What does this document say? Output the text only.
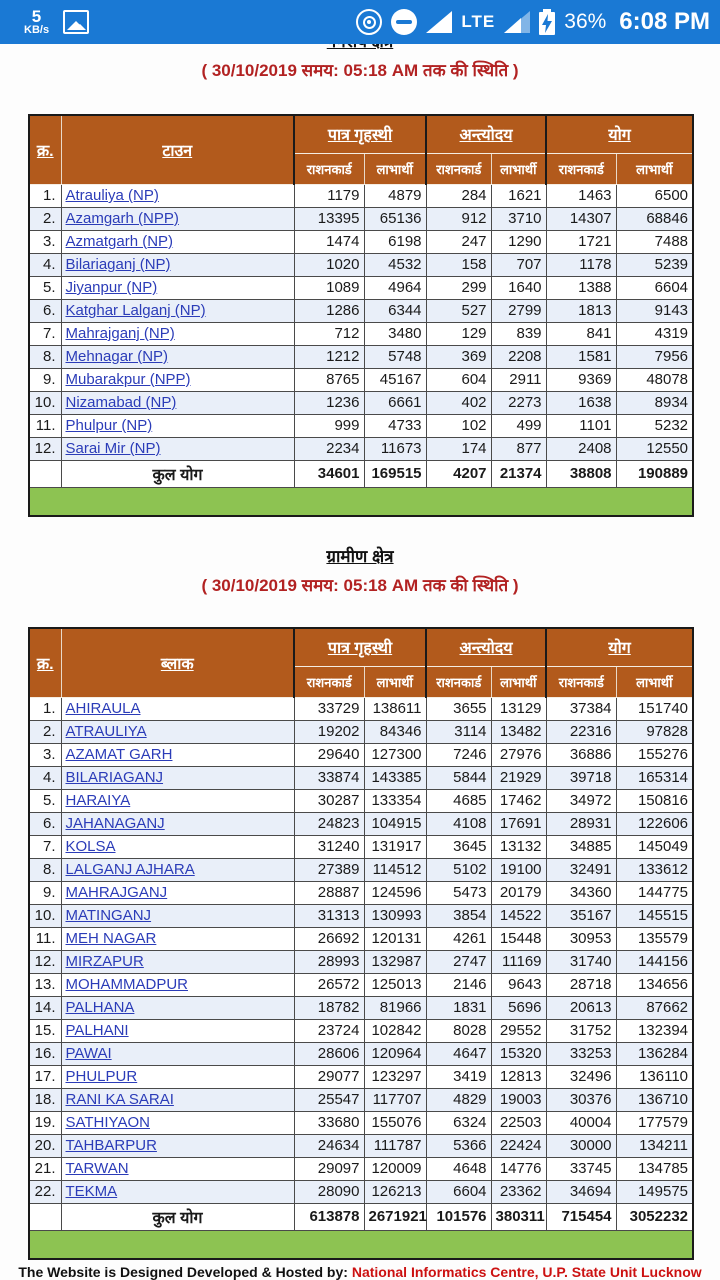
( 30/10/2019 समय: 05:18 AM तक की स्थिति )
क्र.	टाउन	पात्र गृहस्थी		अन्त्योदय		योग	
		राशनकार्ड	लाभार्थी	राशनकार्ड	लाभार्थी	राशनकार्ड	लाभार्थी
1.	Atrauliya (NP)	1179	4879	284	1621	1463	6500
2.	Azamgarh (NPP)	13395	65136	912	3710	14307	68846
3.	Azmatgarh (NP)	1474	6198	247	1290	1721	7488
4.	Bilariaganj (NP)	1020	4532	158	707	1178	5239
5.	Jiyanpur (NP)	1089	4964	299	1640	1388	6604
6.	Katghar Lalganj (NP)	1286	6344	527	2799	1813	9143
7.	Mahrajganj (NP)	712	3480	129	839	841	4319
8.	Mehnagar (NP)	1212	5748	369	2208	1581	7956
9.	Mubarakpur (NPP)	8765	45167	604	2911	9369	48078
10.	Nizamabad (NP)	1236	6661	402	2273	1638	8934
11.	Phulpur (NP)	999	4733	102	499	1101	5232
12.	Sarai Mir (NP)	2234	11673	174	877	2408	12550
	कुल योग	34601	169515	4207	21374	38808	190889

ग्रामीण क्षेत्र
( 30/10/2019 समय: 05:18 AM तक की स्थिति )
क्र.	ब्लाक	पात्र गृहस्थी		अन्त्योदय		योग	
		राशनकार्ड	लाभार्थी	राशनकार्ड	लाभार्थी	राशनकार्ड	लाभार्थी
1.	AHIRAULA	33729	138611	3655	13129	37384	151740
2.	ATRAULIYA	19202	84346	3114	13482	22316	97828
3.	AZAMAT GARH	29640	127300	7246	27976	36886	155276
4.	BILARIAGANJ	33874	143385	5844	21929	39718	165314
5.	HARAIYA	30287	133354	4685	17462	34972	150816
6.	JAHANAGANJ	24823	104915	4108	17691	28931	122606
7.	KOLSA	31240	131917	3645	13132	34885	145049
8.	LALGANJ AJHARA	27389	114512	5102	19100	32491	133612
9.	MAHRAJGANJ	28887	124596	5473	20179	34360	144775
10.	MATINGANJ	31313	130993	3854	14522	35167	145515
11.	MEH NAGAR	26692	120131	4261	15448	30953	135579
12.	MIRZAPUR	28993	132987	2747	11169	31740	144156
13.	MOHAMMADPUR	26572	125013	2146	9643	28718	134656
14.	PALHANA	18782	81966	1831	5696	20613	87662
15.	PALHANI	23724	102842	8028	29552	31752	132394
16.	PAWAI	28606	120964	4647	15320	33253	136284
17.	PHULPUR	29077	123297	3419	12813	32496	136110
18.	RANI KA SARAI	25547	117707	4829	19003	30376	136710
19.	SATHIYAON	33680	155076	6324	22503	40004	177579
20.	TAHBARPUR	24634	111787	5366	22424	30000	134211
21.	TARWAN	29097	120009	4648	14776	33745	134785
22.	TEKMA	28090	126213	6604	23362	34694	149575
	कुल योग	613878	2671921	101576	380311	715454	3052232

The Website is Designed Developed & Hosted by: National Informatics Centre, U.P. State Unit Lucknow
5
KB/s	LTE	36% 6:08 PM
